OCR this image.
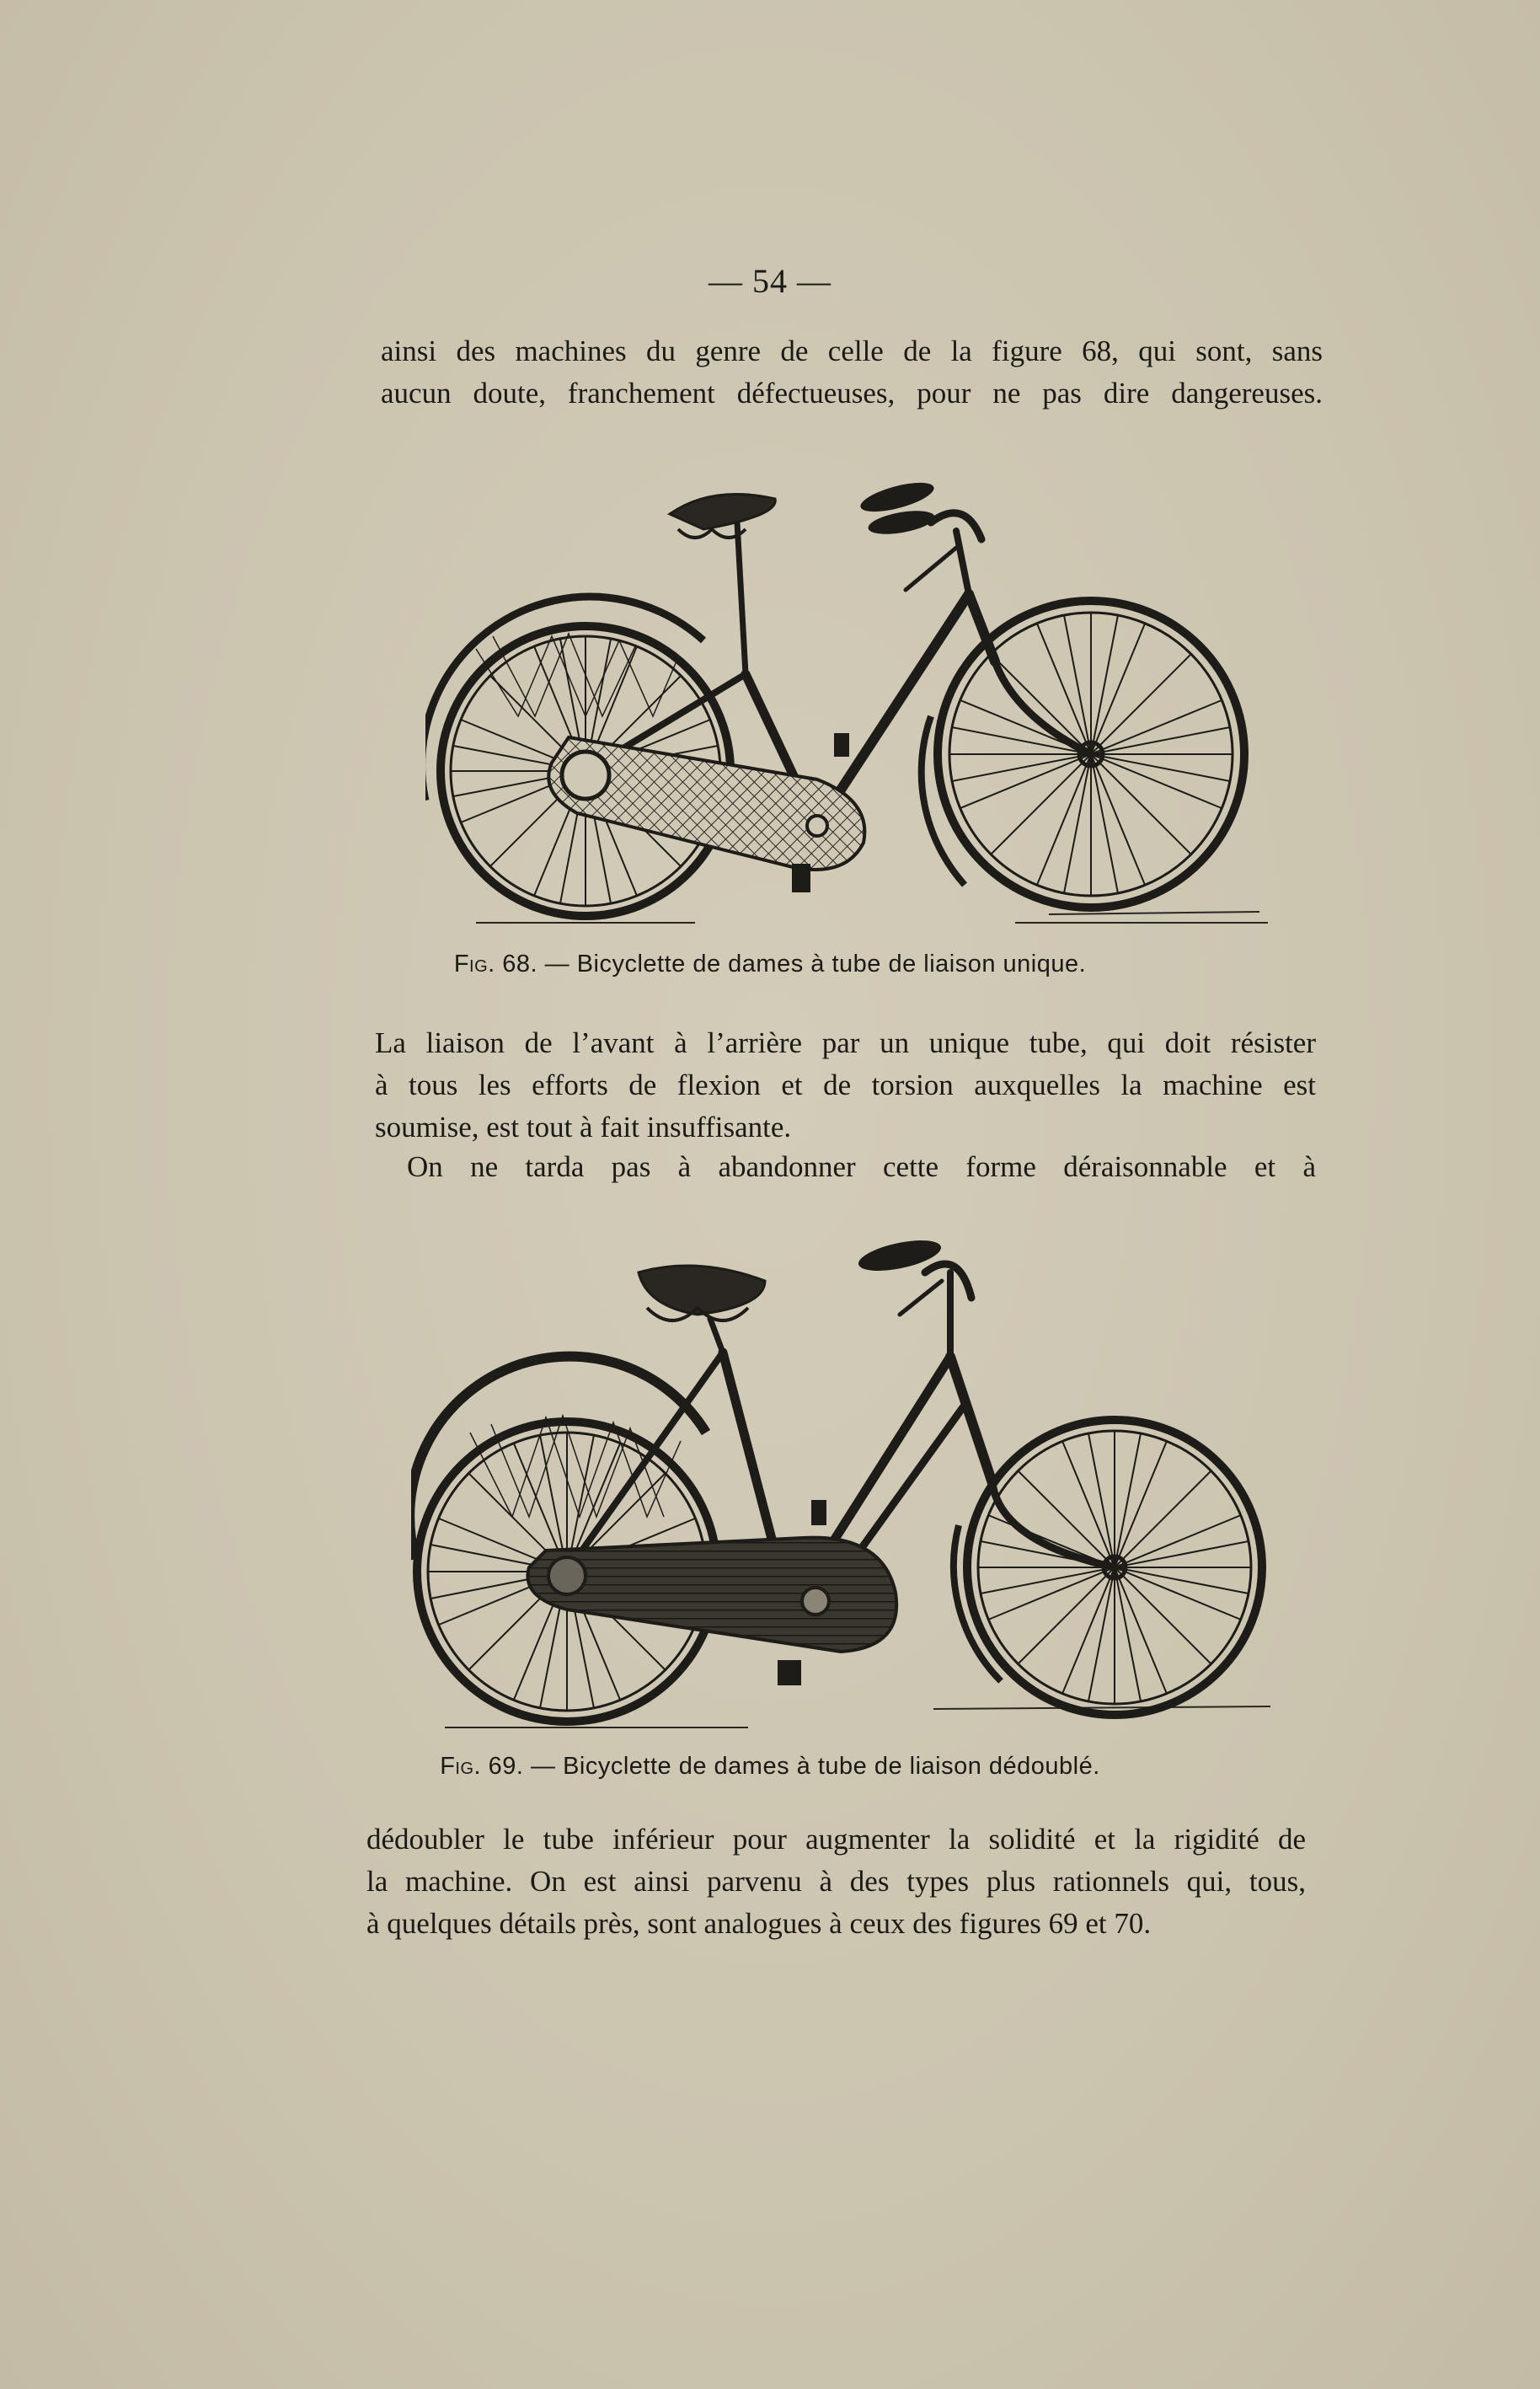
— 54 —
ainsi des machines du genre de celle de la figure 68, qui sont, sans
aucun doute, franchement défectueuses, pour ne pas dire dangereuses.
Fig. 68. — Bicyclette de dames à tube de liaison unique.
La liaison de l’avant à l’arrière par un unique tube, qui doit résister
à tous les efforts de flexion et de torsion auxquelles la machine est
soumise, est tout à fait insuffisante.
On ne tarda pas à abandonner cette forme déraisonnable et à
Fig. 69. — Bicyclette de dames à tube de liaison dédoublé.
dédoubler le tube inférieur pour augmenter la solidité et la rigidité de
la machine. On est ainsi parvenu à des types plus rationnels qui, tous,
à quelques détails près, sont analogues à ceux des figures 69 et 70.
